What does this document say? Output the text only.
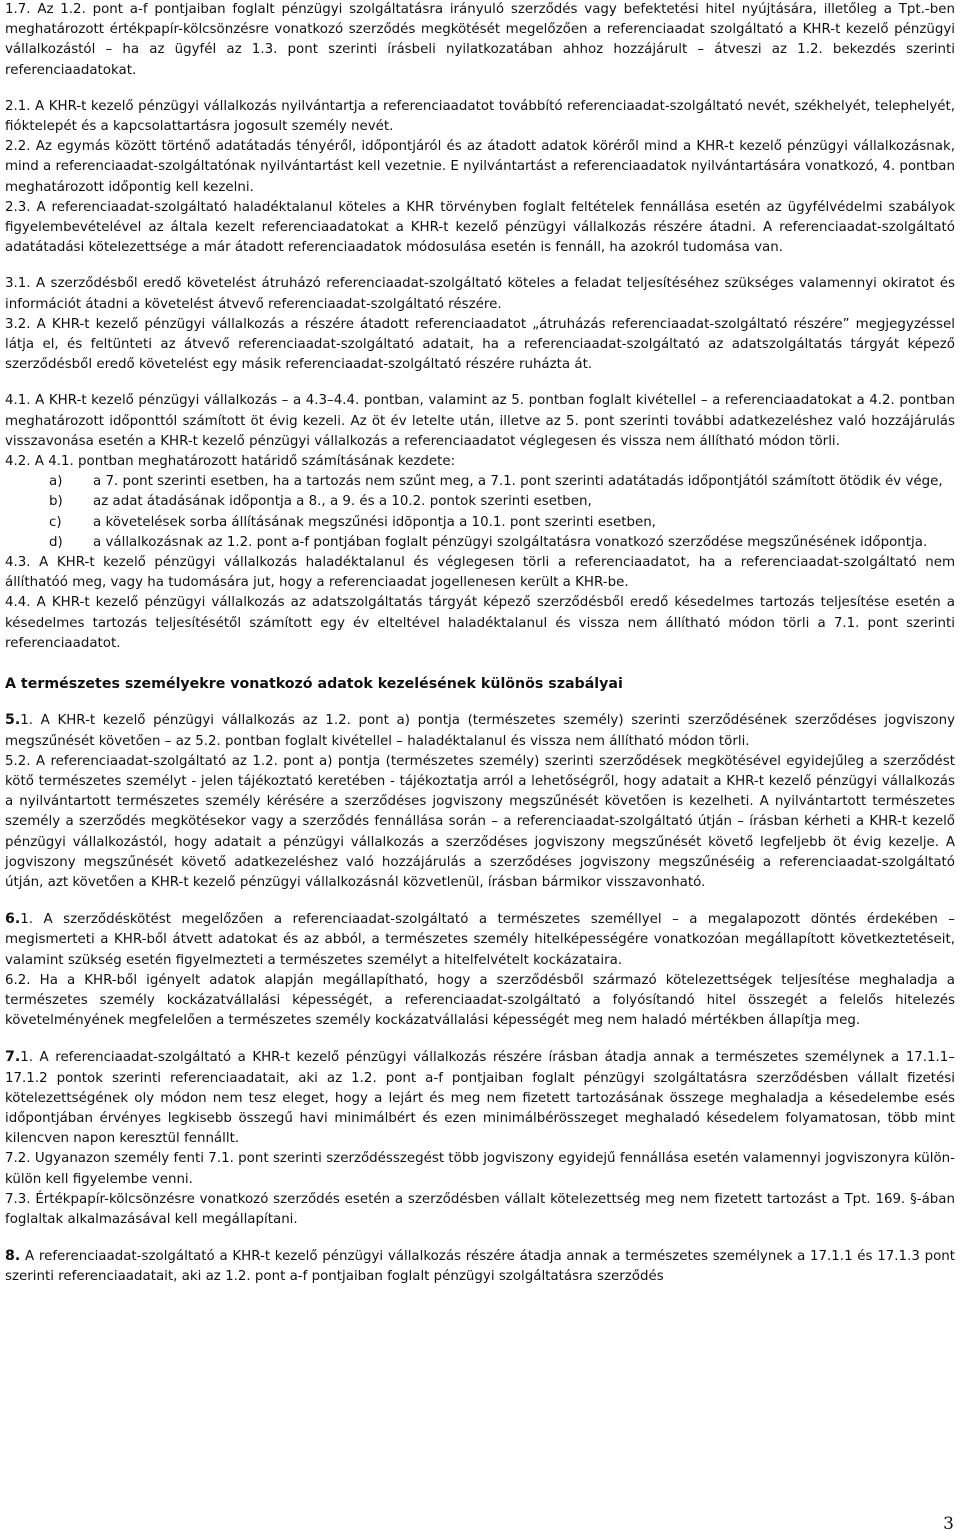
1.7. Az 1.2. pont a-f pontjaiban foglalt pénzügyi szolgáltatásra irányuló szerződés vagy befektetési hitel nyújtására, illetőleg a Tpt.-ben meghatározott értékpapír-kölcsönzésre vonatkozó szerződés megkötését megelőzően a referenciaadat szolgáltató a KHR-t kezelő pénzügyi vállalkozástól – ha az ügyfél az 1.3. pont szerinti írásbeli nyilatkozatában ahhoz hozzájárult – átveszi az 1.2. bekezdés szerinti referenciaadatokat.

2.1. A KHR-t kezelő pénzügyi vállalkozás nyilvántartja a referenciaadatot továbbító referenciaadat-szolgáltató nevét, székhelyét, telephelyét, fióktelepét és a kapcsolattartásra jogosult személy nevét.

2.2. Az egymás között történő adatátadás tényéről, időpontjáról és az átadott adatok köréről mind a KHR-t kezelő pénzügyi vállalkozásnak, mind a referenciaadat-szolgáltatónak nyilvántartást kell vezetnie. E nyilvántartást a referenciaadatok nyilvántartására vonatkozó, 4. pontban meghatározott időpontig kell kezelni.

2.3. A referenciaadat-szolgáltató haladéktalanul köteles a KHR törvényben foglalt feltételek fennállása esetén az ügyfélvédelmi szabályok figyelembevételével az általa kezelt referenciaadatokat a KHR-t kezelő pénzügyi vállalkozás részére átadni. A referenciaadat-szolgáltató adatátadási kötelezettsége a már átadott referenciaadatok módosulása esetén is fennáll, ha azokról tudomása van.

3.1. A szerződésből eredő követelést átruházó referenciaadat-szolgáltató köteles a feladat teljesítéséhez szükséges valamennyi okiratot és információt átadni a követelést átvevő referenciaadat-szolgáltató részére.

3.2. A KHR-t kezelő pénzügyi vállalkozás a részére átadott referenciaadatot „átruházás referenciaadat-szolgáltató részére” megjegyzéssel látja el, és feltünteti az átvevő referenciaadat-szolgáltató adatait, ha a referenciaadat-szolgáltató az adatszolgáltatás tárgyát képező szerződésből eredő követelést egy másik referenciaadat-szolgáltató részére ruházta át.

4.1. A KHR-t kezelő pénzügyi vállalkozás – a 4.3–4.4. pontban, valamint az 5. pontban foglalt kivétellel – a referenciaadatokat a 4.2. pontban meghatározott időponttól számított öt évig kezeli. Az öt év letelte után, illetve az 5. pont szerinti további adatkezeléshez való hozzájárulás visszavonása esetén a KHR-t kezelő pénzügyi vállalkozás a referenciaadatot véglegesen és vissza nem állítható módon törli.

4.2. A 4.1. pontban meghatározott határidő számításának kezdete:

a)	a 7. pont szerinti esetben, ha a tartozás nem szűnt meg, a 7.1. pont szerinti adatátadás időpontjától számított ötödik év vége,
b)	az adat átadásának időpontja a 8., a 9. és a 10.2. pontok szerinti esetben,
c)	a követelések sorba állításának megszűnési idõpontja a 10.1. pont szerinti esetben,
d)	a vállalkozásnak az 1.2. pont a-f pontjában foglalt pénzügyi szolgáltatásra vonatkozó szerződése megszűnésének időpontja.

4.3. A KHR-t kezelő pénzügyi vállalkozás haladéktalanul és véglegesen törli a referenciaadatot, ha a referenciaadat-szolgáltató nem állíthatóó meg, vagy ha tudomására jut, hogy a referenciaadat jogellenesen került a KHR-be.

4.4. A KHR-t kezelő pénzügyi vállalkozás az adatszolgáltatás tárgyát képező szerződésből eredő késedelmes tartozás teljesítése esetén a késedelmes tartozás teljesítésétől számított egy év elteltével haladéktalanul és vissza nem állítható módon törli a 7.1. pont szerinti referenciaadatot.

A természetes személyekre vonatkozó adatok kezelésének különös szabályai

5.1. A KHR-t kezelő pénzügyi vállalkozás az 1.2. pont a) pontja (természetes személy) szerinti szerződésének szerződéses jogviszony megszűnését követően – az 5.2. pontban foglalt kivétellel – haladéktalanul és vissza nem állítható módon törli.

5.2. A referenciaadat-szolgáltató az 1.2. pont a) pontja (természetes személy) szerinti szerződések megkötésével egyidejűleg a szerződést kötő természetes személyt - jelen tájékoztató keretében - tájékoztatja arról a lehetőségről, hogy adatait a KHR-t kezelő pénzügyi vállalkozás a nyilvántartott természetes személy kérésére a szerződéses jogviszony megszűnését követően is kezelheti. A nyilvántartott természetes személy a szerződés megkötésekor vagy a szerződés fennállása során – a referenciaadat-szolgáltató útján – írásban kérheti a KHR-t kezelő pénzügyi vállalkozástól, hogy adatait a pénzügyi vállalkozás a szerződéses jogviszony megszűnését követő legfeljebb öt évig kezelje. A jogviszony megszűnését követő adatkezeléshez való hozzájárulás a szerződéses jogviszony megszűnéséig a referenciaadat-szolgáltató útján, azt követően a KHR-t kezelő pénzügyi vállalkozásnál közvetlenül, írásban bármikor visszavonható.

6.1. A szerződéskötést megelőzően a referenciaadat-szolgáltató a természetes személlyel – a megalapozott döntés érdekében – megismerteti a KHR-ből átvett adatokat és az abból, a természetes személy hitelképességére vonatkozóan megállapított következtetéseit, valamint szükség esetén figyelmezteti a természetes személyt a hitelfelvételt kockázataira.

6.2. Ha a KHR-ből igényelt adatok alapján megállapítható, hogy a szerződésből származó kötelezettségek teljesítése meghaladja a természetes személy kockázatvállalási képességét, a referenciaadat-szolgáltató a folyósítandó hitel összegét a felelős hitelezés követelményének megfelelően a természetes személy kockázatvállalási képességét meg nem haladó mértékben állapítja meg.

7.1. A referenciaadat-szolgáltató a KHR-t kezelő pénzügyi vállalkozás részére írásban átadja annak a természetes személynek a 17.1.1–17.1.2 pontok szerinti referenciaadatait, aki az 1.2. pont a-f pontjaiban foglalt pénzügyi szolgáltatásra szerződésben vállalt fizetési kötelezettségének oly módon nem tesz eleget, hogy a lejárt és meg nem fizetett tartozásának összege meghaladja a késedelembe esés időpontjában érvényes legkisebb összegű havi minimálbért és ezen minimálbérösszeget meghaladó késedelem folyamatosan, több mint kilencven napon keresztül fennállt.

7.2. Ugyanazon személy fenti 7.1. pont szerinti szerződésszegést több jogviszony egyidejű fennállása esetén valamennyi jogviszonyra külön-külön kell figyelembe venni.

7.3. Értékpapír-kölcsönzésre vonatkozó szerződés esetén a szerződésben vállalt kötelezettség meg nem fizetett tartozást a Tpt. 169. §-ában foglaltak alkalmazásával kell megállapítani.

8. A referenciaadat-szolgáltató a KHR-t kezelő pénzügyi vállalkozás részére átadja annak a természetes személynek a 17.1.1 és 17.1.3 pont szerinti referenciaadatait, aki az 1.2. pont a-f pontjaiban foglalt pénzügyi szolgáltatásra szerződés

3
